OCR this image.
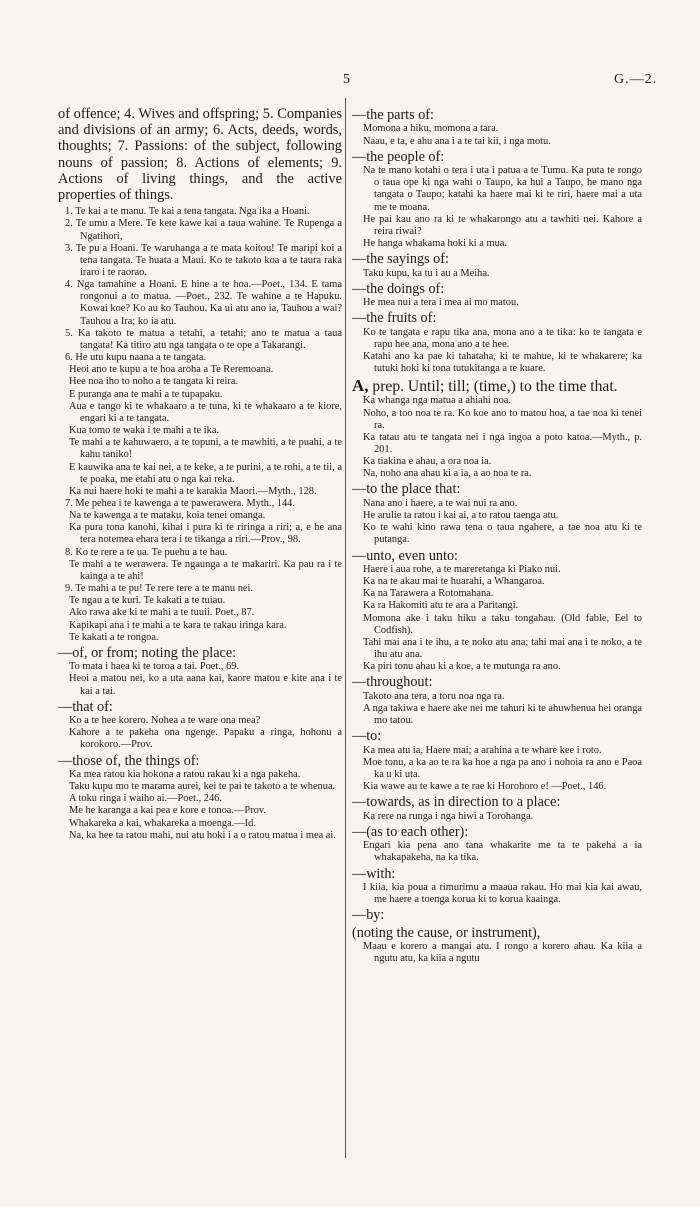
5	G.—2.

of offence; 4. Wives and offspring; 5. Companies and divisions of an army; 6. Acts, deeds, words, thoughts; 7. Passions: of the subject, following nouns of passion; 8. Actions of elements; 9. Actions of living things, and the active properties of things.

1. Te kai a te manu. Te kai a tena tangata. Nga ika a Hoani.

2. Te umu a Mere. Te kete kawe kai a taua wahine. Te Rupenga a Ngatihori,

3. Te pu a Hoani. Te waruhanga a te mata koitou! Te maripi koi a tena tangata. Te huata a Maui. Ko te takoto koa a te taura raka iraro i te raorao.

4. Nga tamahine a Hoani. E hine a te hoa.—Poet., 134. E tama rongonui a to matua. —Poet., 232. Te wahine a te Hapuku. Kowai koe? Ko au ko Tauhou. Ka ui atu ano ia, Tauhou a wai? Tauhou a Ira; ko ia atu.

5. Ka takoto te matua a tetahi, a tetahi; ano te matua a taua tangata! Ka titiro atu nga tangata o te ope a Takarangi.

6. He utu kupu naana a te tangata.

Heoi ano te kupu a te hoa aroha a Te Reremoana.

Hee noa iho to noho a te tangata ki reira.

E puranga ana te mahi a te tupapaku.

Aua e tango ki te whakaaro a te tuna, ki te whakaaro a te kiore, engari ki a te tangata.

Kua tomo te waka i te mahi a te ika.

Te mahi a te kahuwaero, a te topuni, a te mawhiti, a te puahi, a te kahu taniko!

E kauwika ana te kai nei, a te keke, a te purini, a te rohi, a te tii, a te poaka, me etahi atu o nga kai reka.

Ka nui haere hoki te mahi a te karakia Maori.—Myth., 128.

7. Me pehea i te kawenga a te pawerawera. Myth., 144.

Na te kawenga a te mataku, koia tenei omanga.

Ka pura tona kanohi, kihai i pura ki te riringa a riri; a, e he ana tera notemea ehara tera i te tikanga a riri.—Prov., 98.

8. Ko te rere a te ua. Te puehu a te hau.

Te mahi a te werawera. Te ngaunga a te makariri. Ka pau ra i te kainga a te ahi!

9. Te mahi a te pu! Te rere tere a te manu nei.

Te ngau a te kuri. Te kakati a te tuiau.

Ako rawa ake ki te mahi a te tuuii. Poet., 87.

Kapikapi ana i te mahi a te kara te rakau iringa kara.

Te kakati a te rongoa.

—of, or from; noting the place:

To mata i haea ki te toroa a tai. Poet., 69.

Heoi a matou nei, ko a uta aana kai, kaore matou e kite ana i te kai a tai.

—that of:

Ko a te hee korero. Nohea a te ware ona mea?

Kahore a te pakeha ona ngenge. Papaku a ringa, hohonu a korokoro.—Prov.

—those of, the things of:

Ka mea ratou kia hokona a ratou rakau ki a nga pakeha.

Taku kupu mo te marama aurei, kei te pai te takoto a te whenua.

A toku ringa i waiho ai.—Poet., 246.

Me he karanga a kai pea e kore e tonoa.—Prov.

Whakareka a kai, whakareka a moenga.—Id.

Na, ka hee ta ratou mahi, nui atu hoki i a o ratou matua i mea ai.

—the parts of:

Momona a hiku, momona a tara.

Naau, e ta, e ahu ana i a te tai kii, i nga motu.

—the people of:

Na te mano kotahi o tera i uta i patua a te Tumu. Ka puta te rongo o taua ope ki nga wahi o Taupo, ka hui a Taupo, he mano nga tangata o Taupo; katahi ka haere mai ki te riri, haere mai a uta me te moana.

He pai kau ano ra ki te whakarongo atu a tawhiti nei. Kahore a reira riwai?

He hanga whakama hoki ki a mua.

—the sayings of:

Taku kupu, ka tu i au a Meiha.

—the doings of:

He mea nui a tera i mea ai mo matou.

—the fruits of:

Ko te tangata e rapu tika ana, mona ano a te tika: ko te tangata e rapu hee ana, mona ano a te hee.

Katahi ano ka pae ki tahataha, ki te mahue, ki te whakarere; ka tutuki hoki ki tona tutukitanga a te kuare.

A, prep. Until; till; (time,) to the time that.

Ka whanga nga matua a ahiahi noa.

Noho, a too noa te ra. Ko koe ano to matou hoa, a tae noa ki tenei ra.

Ka tatau atu te tangata nei i nga ingoa a poto katoa.—Myth., p. 201.

Ka tiakina e ahau, a ora noa ia.

Na, noho ana ahau ki a ia, a ao noa te ra.

—to the place that:

Nana ano i haere, a te wai nui ra ano.

He arulie ta ratou i kai ai, a to ratou taenga atu.

Ko te wahi kino rawa tena o taua ngahere, a tae noa atu ki te putanga.

—unto, even unto:

Haere i aua rohe, a te mareretanga ki Piako nui.

Ka na te akau mai te huarahi, a Whangaroa.

Ka na Tarawera a Rotomahana.

Ka ra Hakomiti atu te ara a Paritangi.

Momona ake i taku hiku a taku tongahau. (Old fable, Eel to Codfish).

Tahi mai ana i te ihu, a te noko atu ana; tahi mai ana i te noko, a te ihu atu ana.

Ka piri tonu ahau ki a koe, a te mutunga ra ano.

—throughout:

Takoto ana tera, a toru noa nga ra.

A nga takiwa e haere ake nei me tahuri ki te ahuwhenua hei oranga mo tatou.

—to:

Ka mea atu ia, Haere mai; a arahina a te whare kee i roto.

Moe tonu, a ka ao te ra ka hoe a nga pa ano i nohoia ra ano e Paoa ka u ki uta.

Kia wawe au te kawe a te rae ki Horohoro e! —Poet., 146.

—towards, as in direction to a place:

Ka rere na runga i nga hiwi a Torohanga.

—(as to each other):

Engari kia pena ano tana whakarite me ta te pakeha a ia whakapakeha, na ka tika.

—with:

I kiia, kia poua a rimurimu a maaua rakau. Ho mai kia kai awau, me haere a toenga korua ki to korua kaainga.

—by:

(noting the cause, or instrument),

Maau e korero a mangai atu. I rongo a korero ahau. Ka kiia a ngutu atu, ka kiia a ngutu
